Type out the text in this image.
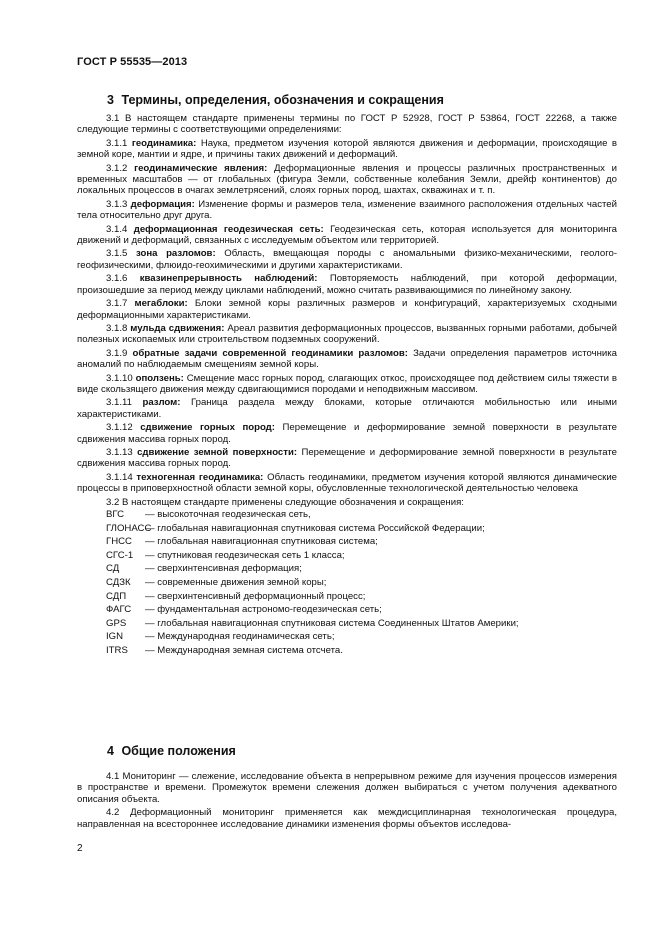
ГОСТ Р 55535—2013
3 Термины, определения, обозначения и сокращения

3.1 В настоящем стандарте применены термины по ГОСТ Р 52928, ГОСТ Р 53864, ГОСТ 22268, а также следующие термины с соответствующими определениями:

3.1.1 геодинамика: Наука, предметом изучения которой являются движения и деформации, происходящие в земной коре, мантии и ядре, и причины таких движений и деформаций.

3.1.2 геодинамические явления: Деформационные явления и процессы различных пространственных и временных масштабов — от глобальных (фигура Земли, собственные колебания Земли, дрейф континентов) до локальных процессов в очагах землетрясений, слоях горных пород, шахтах, скважинах и т. п.

3.1.3 деформация: Изменение формы и размеров тела, изменение взаимного расположения отдельных частей тела относительно друг друга.

3.1.4 деформационная геодезическая сеть: Геодезическая сеть, которая используется для мониторинга движений и деформаций, связанных с исследуемым объектом или территорией.

3.1.5 зона разломов: Область, вмещающая породы с аномальными физико-механическими, геолого-геофизическими, флюидо-геохимическими и другими характеристиками.

3.1.6 квазинепрерывность наблюдений: Повторяемость наблюдений, при которой деформации, произошедшие за период между циклами наблюдений, можно считать развивающимися по линейному закону.

3.1.7 мегаблоки: Блоки земной коры различных размеров и конфигураций, характеризуемых сходными деформационными характеристиками.

3.1.8 мульда сдвижения: Ареал развития деформационных процессов, вызванных горными работами, добычей полезных ископаемых или строительством подземных сооружений.

3.1.9 обратные задачи современной геодинамики разломов: Задачи определения параметров источника аномалий по наблюдаемым смещениям земной коры.

3.1.10 оползень: Смещение масс горных пород, слагающих откос, происходящее под действием силы тяжести в виде скользящего движения между сдвигающимися породами и неподвижным массивом.

3.1.11 разлом: Граница раздела между блоками, которые отличаются мобильностью или иными характеристиками.

3.1.12 сдвижение горных пород: Перемещение и деформирование земной поверхности в результате сдвижения массива горных пород.

3.1.13 сдвижение земной поверхности: Перемещение и деформирование земной поверхности в результате сдвижения массива горных пород.

3.1.14 техногенная геодинамика: Область геодинамики, предметом изучения которой являются динамические процессы в приповерхностной области земной коры, обусловленные технологической деятельностью человека

3.2 В настоящем стандарте применены следующие обозначения и сокращения:

ВГС — высокоточная геодезическая сеть,
ГЛОНАСС— глобальная навигационная спутниковая система Российской Федерации;
ГНСС — глобальная навигационная спутниковая система;
СГС-1 — спутниковая геодезическая сеть 1 класса;
СД	— сверхинтенсивная деформация;
СДЗК — современные движения земной коры;
СДП — сверхинтенсивный деформационный процесс;
ФАГС — фундаментальная астрономо-геодезическая сеть;
GPS — глобальная навигационная спутниковая система Соединенных Штатов Америки;
IGN — Международная геодинамическая сеть;
ITRS — Международная земная система отсчета.
4 Общие положения

4.1 Мониторинг — слежение, исследование объекта в непрерывном режиме для изучения процессов измерения в пространстве и времени. Промежуток времени слежения должен выбираться с учетом получения адекватного описания объекта.

4.2 Деформационный мониторинг применяется как междисциплинарная технологическая процедура, направленная на всестороннее исследование динамики изменения формы объектов исследова-

2
